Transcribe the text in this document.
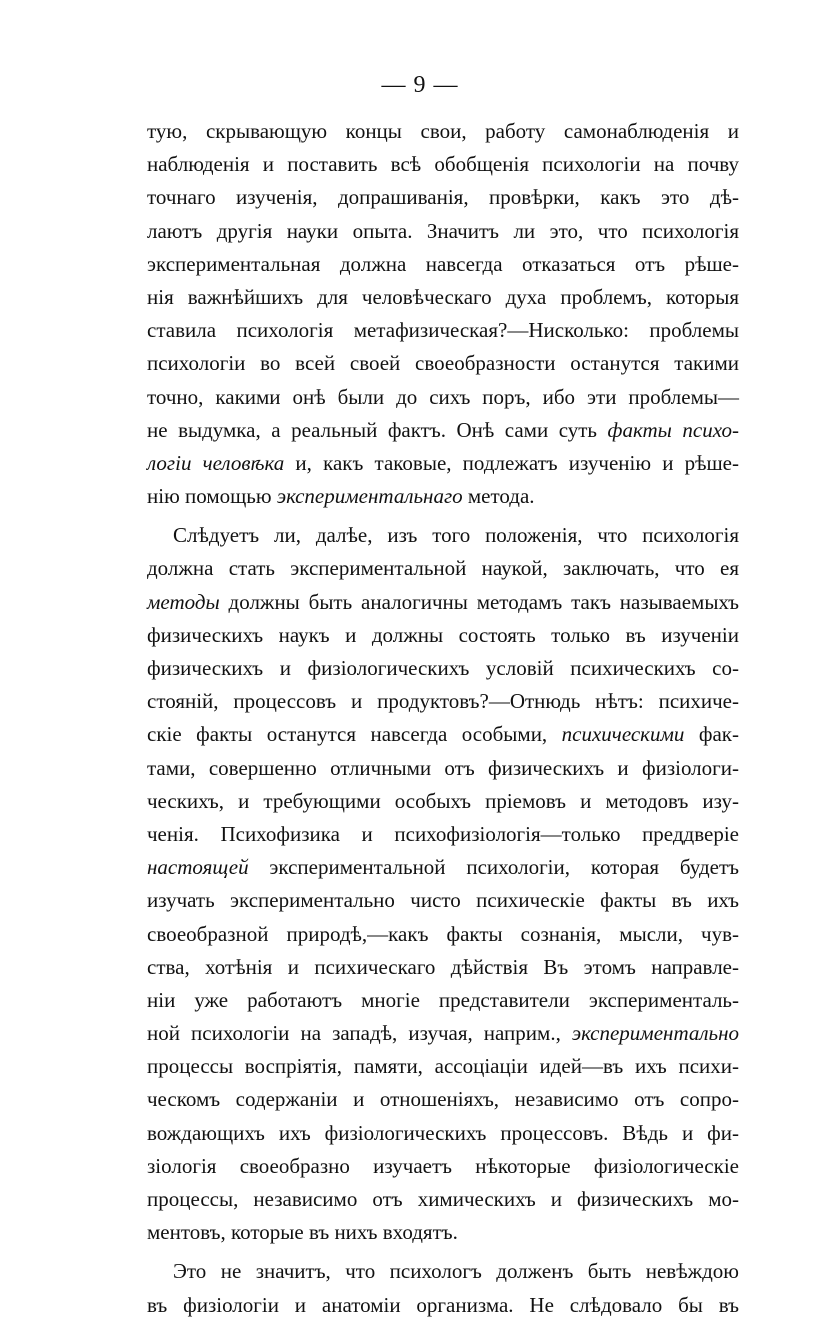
— 9 —
тую, скрывающую концы свои, работу самонаблюденія и
наблюденія и поставить всѣ обобщенія психологіи на почву
точнаго изученія, допрашиванія, провѣрки, какъ это дѣ-
лаютъ другія науки опыта. Значитъ ли это, что психологія
экспериментальная должна навсегда отказаться отъ рѣше-
нія важнѣйшихъ для человѣческаго духа проблемъ, которыя
ставила психологія метафизическая?—Нисколько: проблемы
психологіи во всей своей своеобразности останутся такими
точно, какими онѣ были до сихъ поръ, ибо эти проблемы—
не выдумка, а реальный фактъ. Онѣ сами суть факты психо-
логіи человѣка и, какъ таковые, подлежатъ изученію и рѣше-
нію помощью экспериментальнаго метода.
Слѣдуетъ ли, далѣе, изъ того положенія, что психологія
должна стать экспериментальной наукой, заключать, что ея
методы должны быть аналогичны методамъ такъ называемыхъ
физическихъ наукъ и должны состоять только въ изученіи
физическихъ и физіологическихъ условій психическихъ со-
стояній, процессовъ и продуктовъ?—Отнюдь нѣтъ: психиче-
скіе факты останутся навсегда особыми, психическими фак-
тами, совершенно отличными отъ физическихъ и физіологи-
ческихъ, и требующими особыхъ пріемовъ и методовъ изу-
ченія. Психофизика и психофизіологія—только преддверіе
настоящей экспериментальной психологіи, которая будетъ
изучать экспериментально чисто психическіе факты въ ихъ
своеобразной природѣ,—какъ факты сознанія, мысли, чув-
ства, хотѣнія и психическаго дѣйствія Въ этомъ направле-
ніи уже работаютъ многіе представители эксперименталь-
ной психологіи на западѣ, изучая, наприм., экспериментально
процессы воспріятія, памяти, ассоціаціи идей—въ ихъ психи-
ческомъ содержаніи и отношеніяхъ, независимо отъ сопро-
вождающихъ ихъ физіологическихъ процессовъ. Вѣдь и фи-
зіологія своеобразно изучаетъ нѣкоторые физіологическіе
процессы, независимо отъ химическихъ и физическихъ мо-
ментовъ, которые въ нихъ входятъ.
Это не значитъ, что психологъ долженъ быть невѣждою
въ физіологіи и анатоміи организма. Не слѣдовало бы въ
